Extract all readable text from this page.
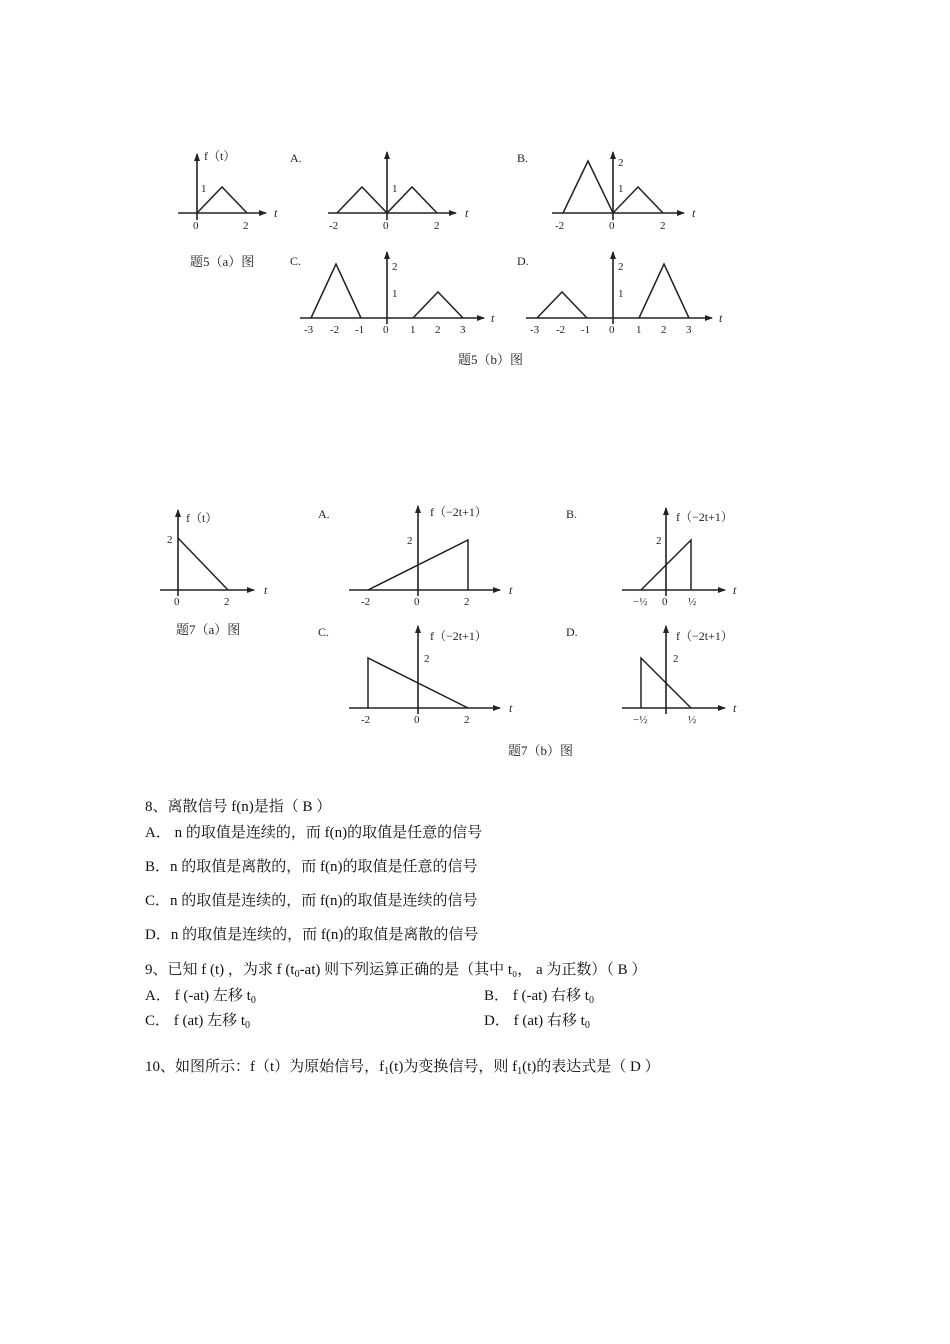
f（t）
t
0	2
1
题5（a）图
A.
t
-2	0	2
1
B.
t
-2	0	2
2
1
C.
t
-3 -2 -1 0 1 2 3
2
1
D.
t
-3 -2 -1 0 1 2 3
2
1
题5（b）图
f（t）
t
0	2
2
题7（a）图
A.	f（−2t+1）
t
-2	0	2
2
B.	f（−2t+1）
t
−½ 0 ½
2
C.	f（−2t+1）
t
-2	0	2
2
D.	f（−2t+1）
t
−½	½
2
题7（b）图
8、离散信号 f(n)是指（ B ）
A． n 的取值是连续的，而 f(n)的取值是任意的信号
B．n 的取值是离散的，而 f(n)的取值是任意的信号
C．n 的取值是连续的，而 f(n)的取值是连续的信号
D．n 的取值是连续的，而 f(n)的取值是离散的信号
9、已知 f (t) ，为求 f $(t_0-at)$ 则下列运算正确的是（其中 t₀， a 为正数）（ B ）
A． f (-at) 左移 $t_0$	B． f (-at) 右移 $t_0$
C． f (at) 左移 $t_0$	D． f (at) 右移 $t_0$
10、如图所示：f（t）为原始信号，$f_1(t)$为变换信号，则 $f_1(t)$的表达式是（ D ）
